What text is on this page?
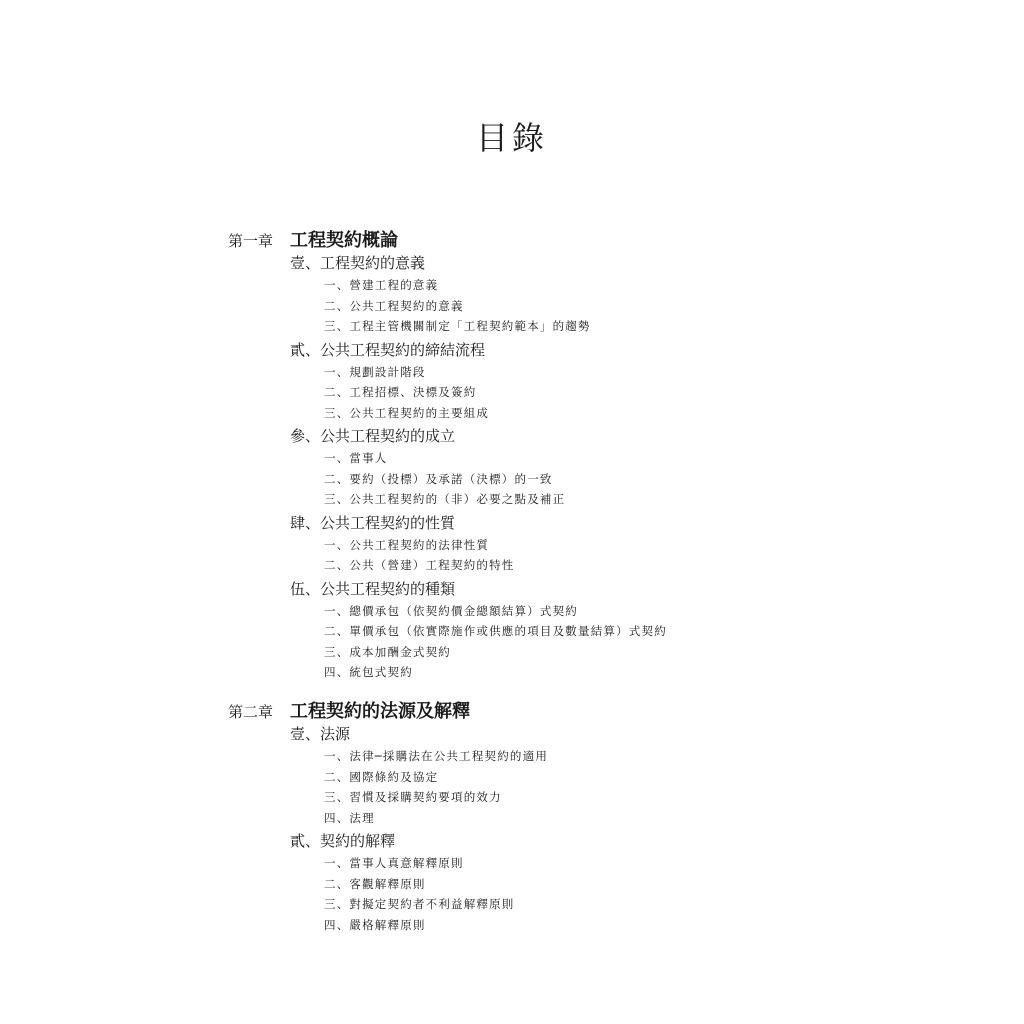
目錄
第一章 工程契約概論
壹、工程契約的意義
一、營建工程的意義
二、公共工程契約的意義
三、工程主管機關制定「工程契約範本」的趨勢
貳、公共工程契約的締結流程
一、規劃設計階段
二、工程招標、決標及簽約
三、公共工程契約的主要組成
參、公共工程契約的成立
一、當事人
二、要約（投標）及承諾（決標）的一致
三、公共工程契約的（非）必要之點及補正
肆、公共工程契約的性質
一、公共工程契約的法律性質
二、公共（營建）工程契約的特性
伍、公共工程契約的種類
一、總價承包（依契約價金總額結算）式契約
二、單價承包（依實際施作或供應的項目及數量結算）式契約
三、成本加酬金式契約
四、統包式契約
第二章 工程契約的法源及解釋
壹、法源
一、法律─採購法在公共工程契約的適用
二、國際條約及協定
三、習慣及採購契約要項的效力
四、法理
貳、契約的解釋
一、當事人真意解釋原則
二、客觀解釋原則
三、對擬定契約者不利益解釋原則
四、嚴格解釋原則
